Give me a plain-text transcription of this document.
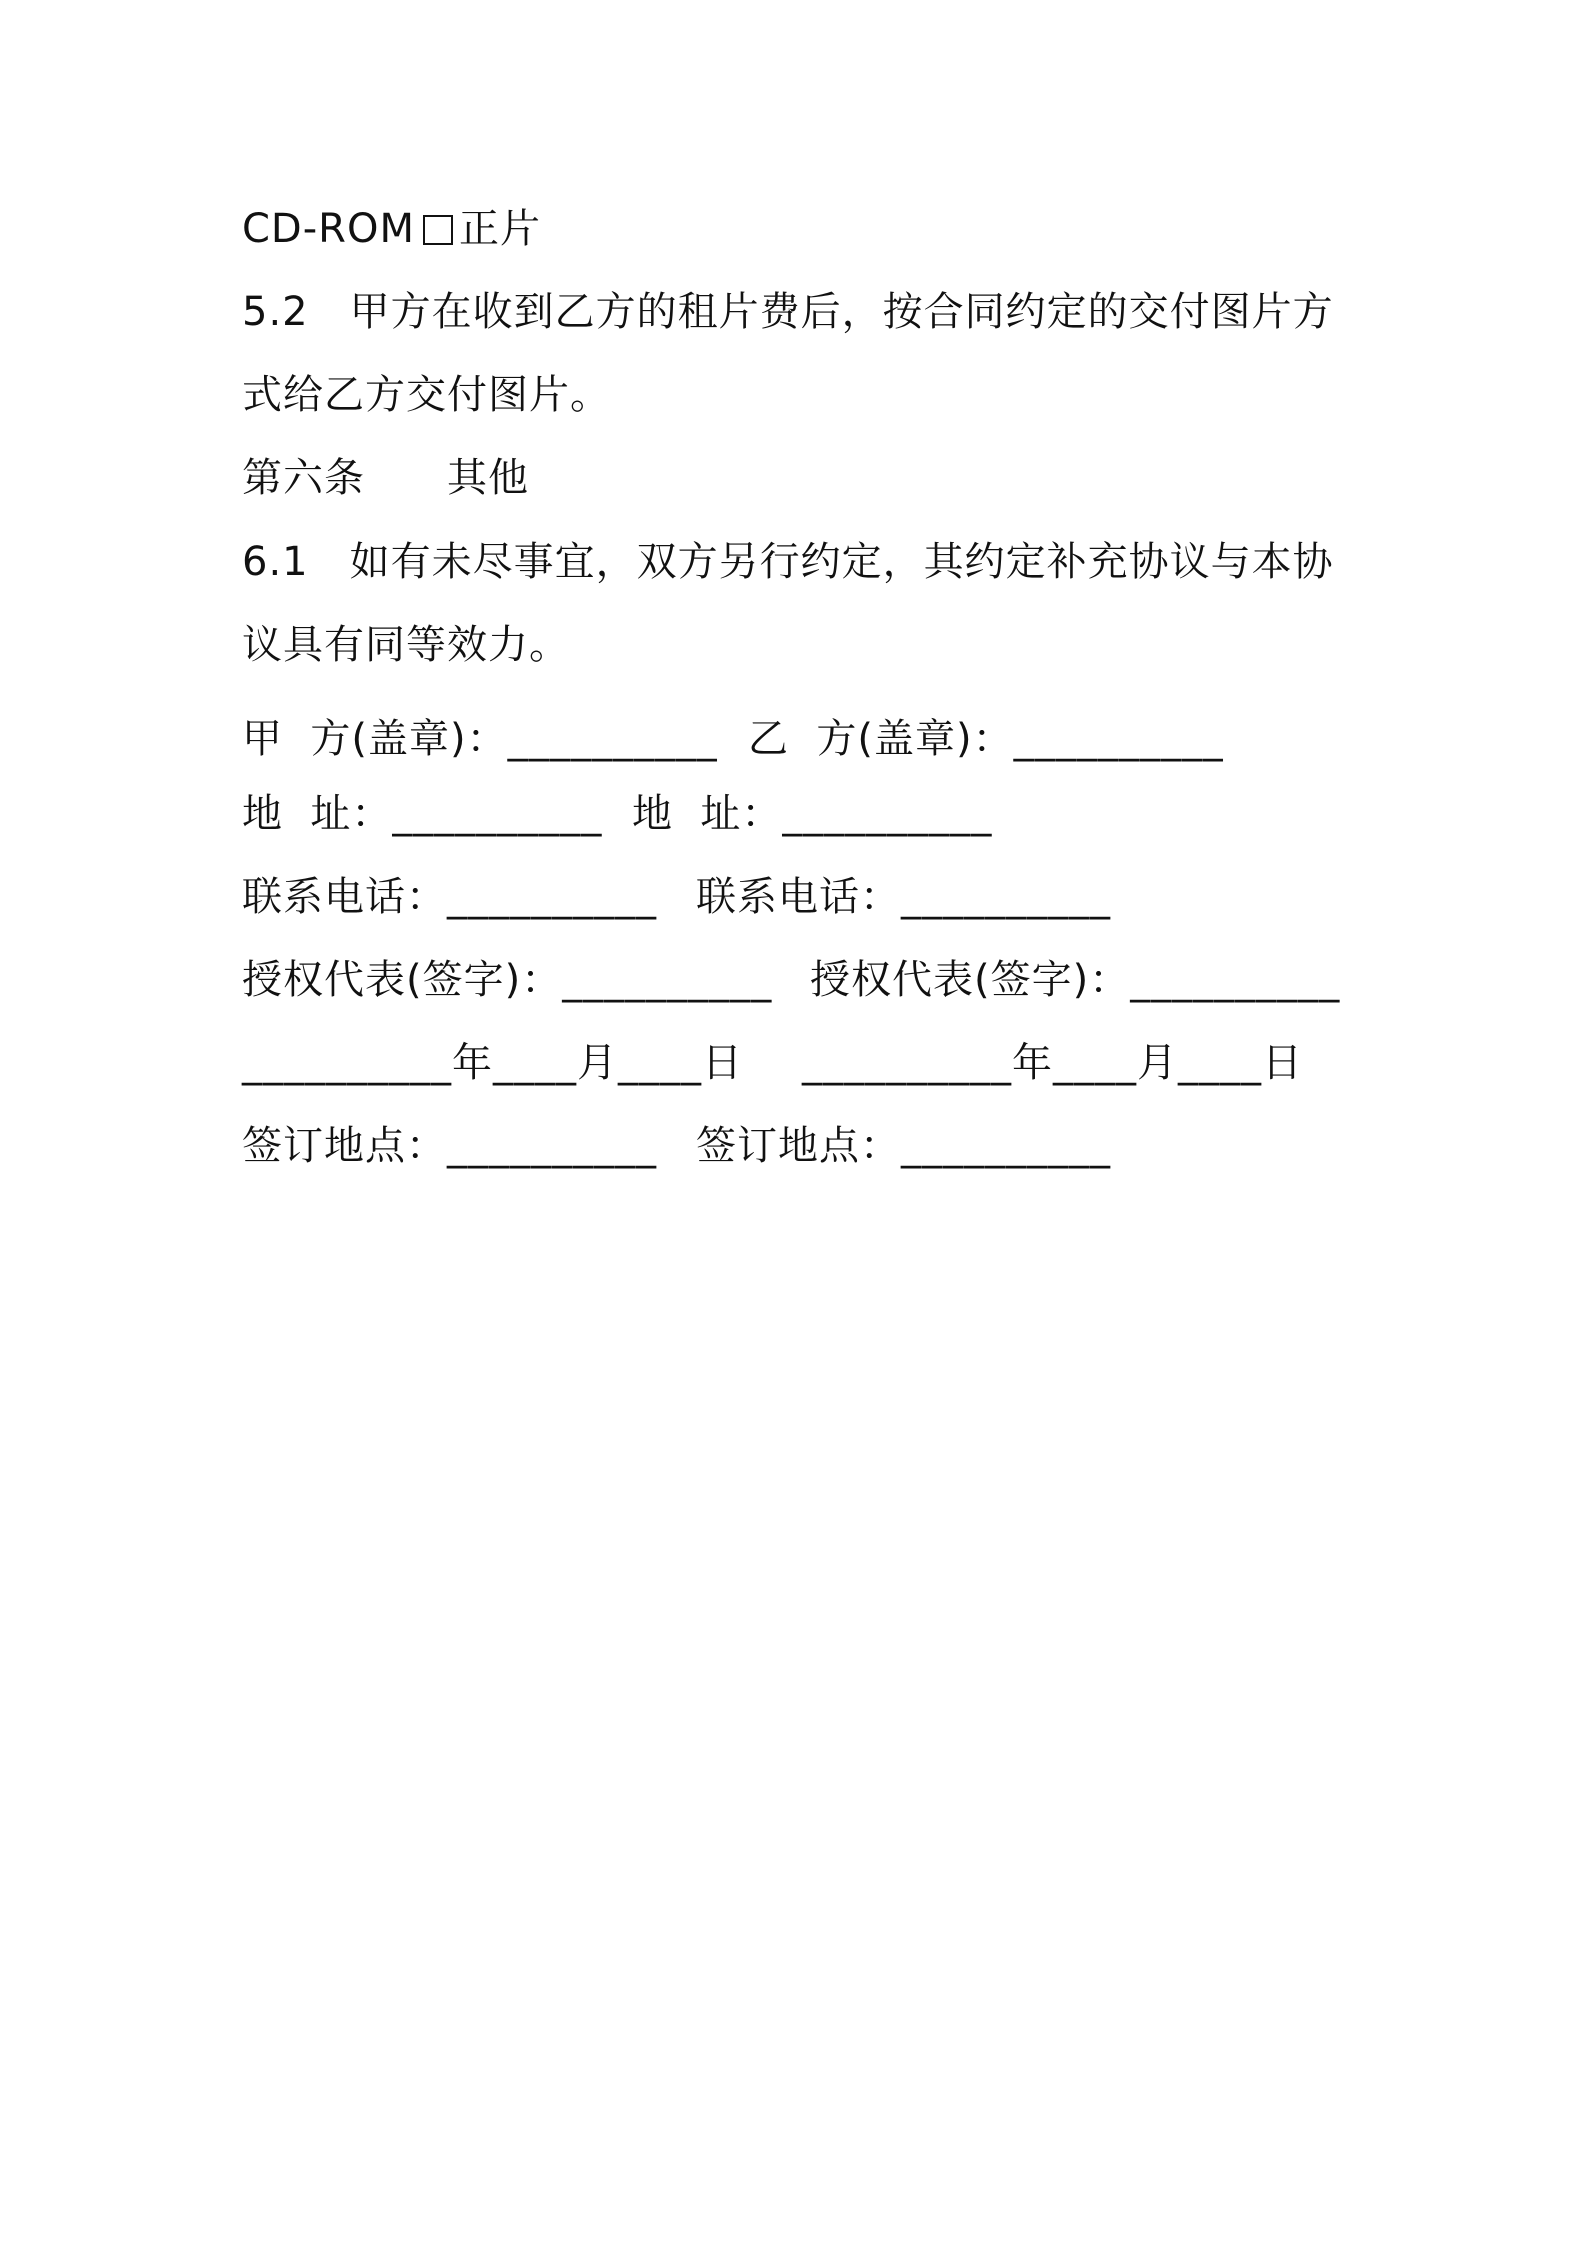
CD-ROM 正片
5.2　甲方在收到乙方的租片费后，按合同约定的交付图片方
式给乙方交付图片。
第六条　　其他
6.1　如有未尽事宜，双方另行约定，其约定补充协议与本协
议具有同等效力。

甲  方(盖章)：__________

乙  方(盖章)：__________

地  址：__________

地  址：__________

联系电话：__________

联系电话：__________

授权代表(签字)：__________

授权代表(签字)：__________

__________年____月____日

__________年____月____日

签订地点：__________

签订地点：__________
